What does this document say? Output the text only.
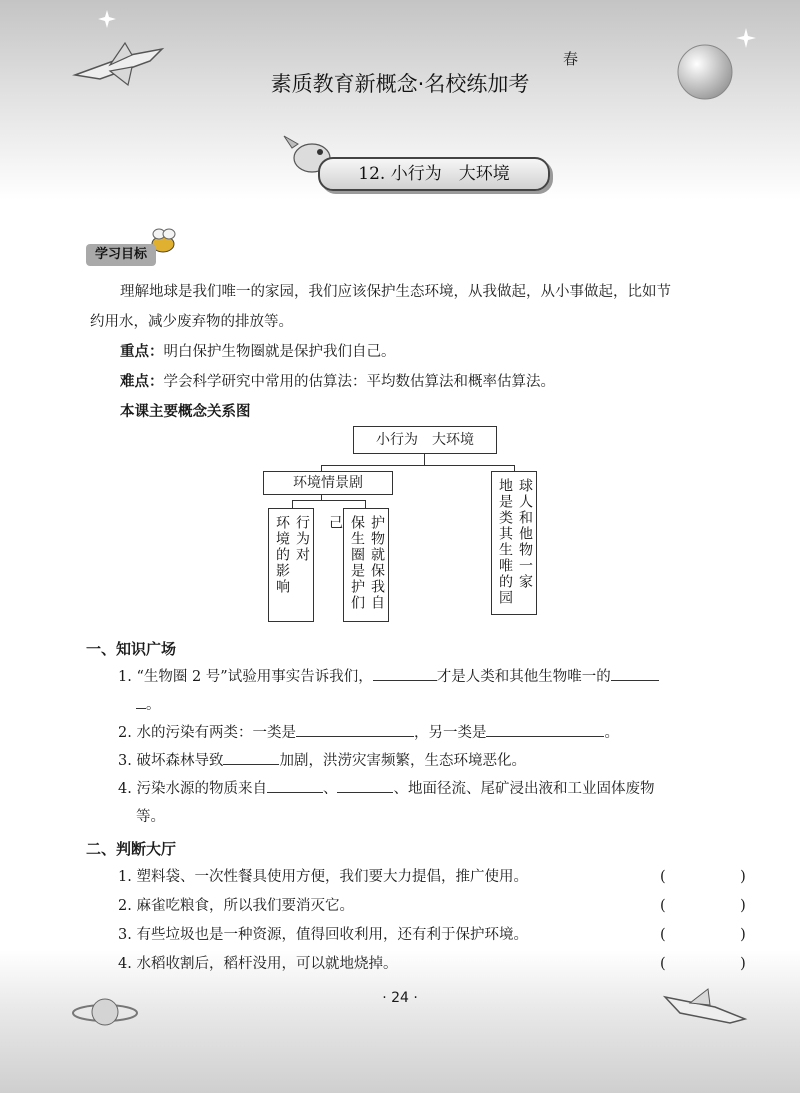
素质教育新概念·名校练加考
春
12. 小行为　大环境
学习目标
理解地球是我们唯一的家园，我们应该保护生态环境，从我做起，从小事做起，比如节
约用水，减少废弃物的排放等。
重点：明白保护生物圈就是保护我们自己。
难点：学会科学研究中常用的估算法：平均数估算法和概率估算法。
本课主要概念关系图
小行为　大环境
环境情景剧
行为对
环境的影响	护物就保我自
保生圈是护们己	球人和他物一家
地是类其生唯的园
一、知识广场
1. “生物圈 2 号”试验用事实告诉我们，	才是人类和其他生物唯一的
。
2. 水的污染有两类：一类是	，另一类是	。
3. 破坏森林导致	加剧，洪涝灾害频繁，生态环境恶化。
4. 污染水源的物质来自	、	、地面径流、尾矿浸出液和工业固体废物
等。
二、判断大厅
1. 塑料袋、一次性餐具使用方便，我们要大力提倡，推广使用。	(　)
2. 麻雀吃粮食，所以我们要消灭它。	(　)
3. 有些垃圾也是一种资源，值得回收利用，还有利于保护环境。	(　)
4. 水稻收割后，稻杆没用，可以就地烧掉。	(　)
· 24 ·
